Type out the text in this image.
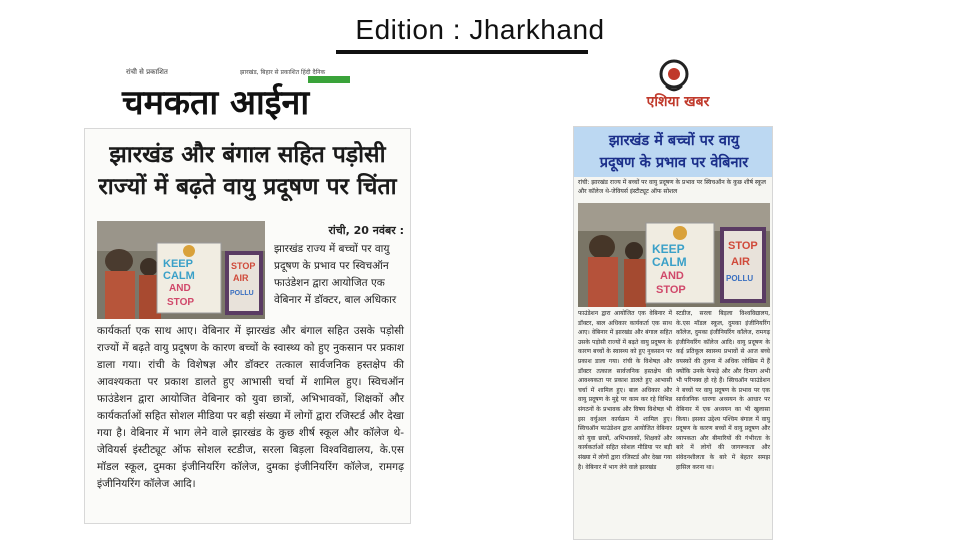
Edition : Jharkhand
रांची से प्रकाशित	झारखंड, बिहार से प्रकाशित हिंदी दैनिक
चमकता आईना
झारखंड और बंगाल सहित पड़ोसी
राज्यों में बढ़ते वायु प्रदूषण पर चिंता
KEEP
CALM
AND
STOP
STOP
AIR
POLLU
रांची, 20 नवंबर :
झारखंड राज्य में बच्चों पर वायु प्रदूषण के प्रभाव पर स्विचऑन फाउंडेशन द्वारा आयोजित एक वेबिनार में डॉक्टर, बाल अधिकार
कार्यकर्ता एक साथ आए। वेबिनार में झारखंड और बंगाल सहित उसके पड़ोसी राज्यों में बढ़ते वायु प्रदूषण के कारण बच्चों के स्वास्थ्य को हुए नुकसान पर प्रकाश डाला गया। रांची के विशेषज्ञ और डॉक्टर तत्काल सार्वजनिक हस्तक्षेप की आवश्यकता पर प्रकाश डालते हुए आभासी चर्चा में शामिल हुए। स्विचऑन फाउंडेशन द्वारा आयोजित वेबिनार को युवा छात्रों, अभिभावकों, शिक्षकों और कार्यकर्ताओं सहित सोशल मीडिया पर बड़ी संख्या में लोगों द्वारा रजिस्टर्ड और देखा गया है। वेबिनार में भाग लेने वाले झारखंड के कुछ शीर्ष स्कूल और कॉलेज थे-जेवियर्स इंस्टीट्यूट ऑफ सोशल स्टडीज, सरला बिड़ला विश्वविद्यालय, के.एस मॉडल स्कूल, दुमका इंजीनियरिंग कॉलेज, दुमका इंजीनियरिंग कॉलेज, रामगढ़ इंजीनियरिंग कॉलेज आदि।
एशिया खबर
झारखंड में बच्चों पर वायु
प्रदूषण के प्रभाव पर वेबिनार
रांची: झारखंड राज्य में बच्चों पर वायु प्रदूषण के प्रभाव पर स्विचऑन के कुछ शीर्ष स्कूल और कॉलेज थे-जेवियर्स इंस्टीट्यूट ऑफ सोशल
KEEP
CALM
AND
STOP
STOP
AIR
POLLU
फाउंडेशन द्वारा आयोजित एक वेबिनार में डॉक्टर, बाल अधिकार कार्यकर्ता एक साथ आए। वेबिनार में झारखंड और बंगाल सहित उसके पड़ोसी राज्यों में बढ़ते वायु प्रदूषण के कारण बच्चों के स्वास्थ्य को हुए नुकसान पर प्रकाश डाला गया। रांची के विशेषज्ञ और डॉक्टर तत्काल सार्वजनिक हस्तक्षेप की आवश्यकता पर प्रकाश डालते हुए आभासी चर्चा में शामिल हुए। बाल अधिकार और वायु प्रदूषण के मुद्दे पर काम कर रहे विभिन्न संगठनों के प्रभावक और विषय विशेषज्ञ भी इस वर्चुअल कार्यक्रम में शामिल हुए। स्विचऑन फाउंडेशन द्वारा आयोजित वेबिनार को युवा छात्रों, अभिभावकों, शिक्षकों और कार्यकर्ताओं सहित सोशल मीडिया पर बड़ी संख्या में लोगों द्वारा रजिस्टर्ड और देखा गया है। वेबिनार में भाग लेने वाले झारखंड
स्टडीज, सरला बिड़ला विश्वविद्यालय, के.एस मॉडल स्कूल, दुमका इंजीनियरिंग कॉलेज, दुमका इंजीनियरिंग कॉलेज, रामगढ़ इंजीनियरिंग कॉलेज आदि। वायु प्रदूषण के कई प्रतिकूल स्वास्थ्य प्रभावों से आज बच्चे वयस्कों की तुलना में अधिक जोखिम में हैं क्योंकि उनके फेफड़े और और दिमाग अभी भी परिपक्व हो रहे हैं। स्विचऑन फाउंडेशन ने बच्चों पर वायु प्रदूषण के प्रभाव पर एक सार्वजनिक धारणा अध्ययन के आधार पर वेबिनार में एक अध्ययन का भी खुलासा किया। इसका उद्देश्य पश्चिम बंगाल में वायु प्रदूषण के कारण बच्चों में वायु प्रदूषण और व्यापकता और बीमारियों की गंभीरता के बारे में लोगों की जागरूकता और संवेदनशीलता के बारे में बेहतर समझ हासिल करना था।
